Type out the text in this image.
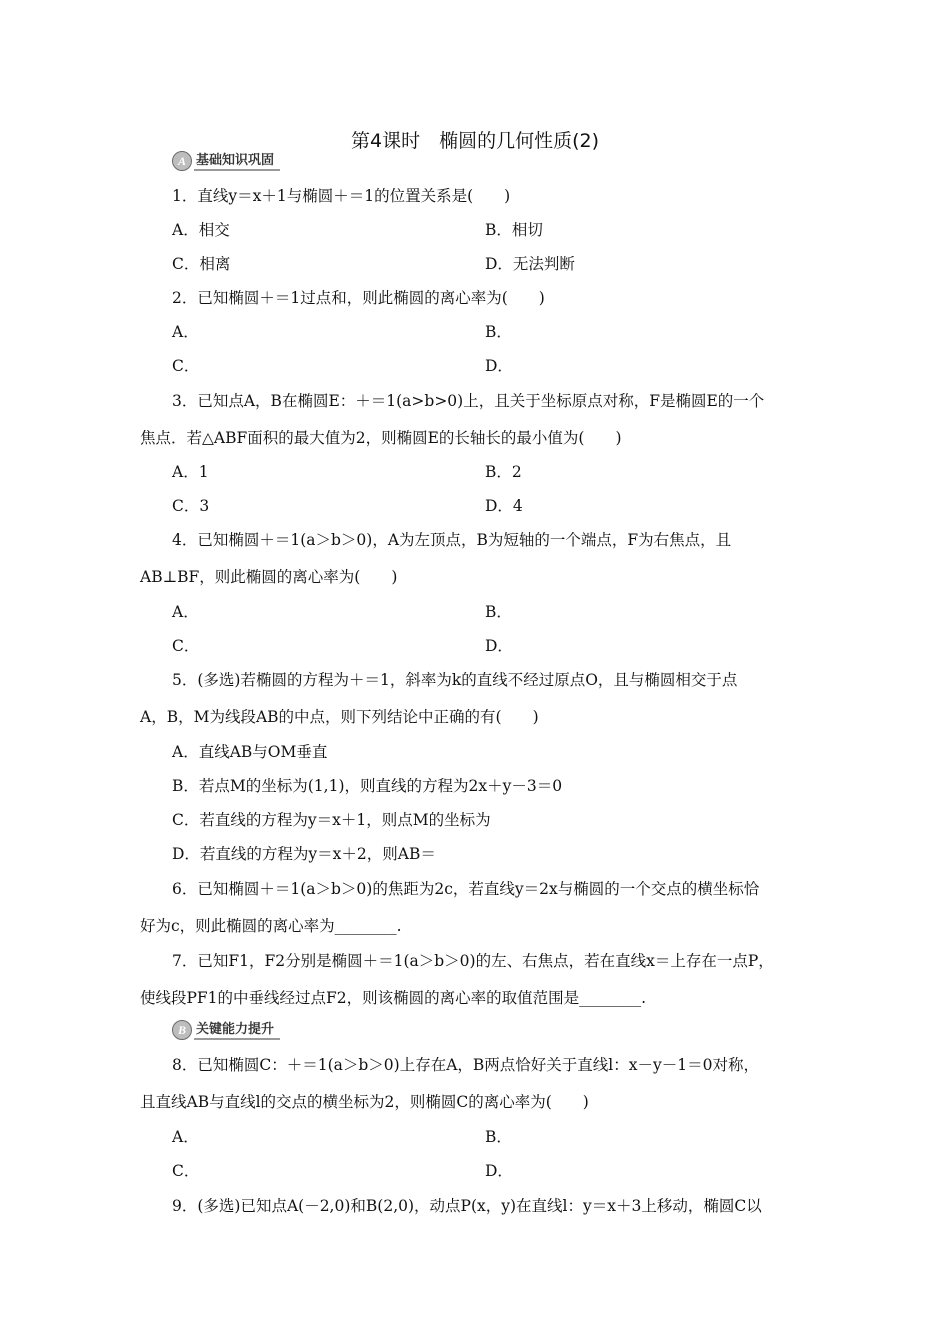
第4课时　椭圆的几何性质(2)
A 基础知识巩固
1．直线y＝x＋1与椭圆＋＝1的位置关系是(　　)
A．相交	B．相切
C．相离	D．无法判断
2．已知椭圆＋＝1过点和，则此椭圆的离心率为(　　)
A．	B．
C．	D．
3．已知点A，B在椭圆E：＋＝1(a>b>0)上，且关于坐标原点对称，F是椭圆E的一个
焦点．若△ABF面积的最大值为2，则椭圆E的长轴长的最小值为(　　)
A．1	B．2
C．3	D．4
4．已知椭圆＋＝1(a＞b＞0)，A为左顶点，B为短轴的一个端点，F为右焦点，且
AB⊥BF，则此椭圆的离心率为(　　)
A．	B．
C．	D．
5．(多选)若椭圆的方程为＋＝1，斜率为k的直线不经过原点O，且与椭圆相交于点
A，B，M为线段AB的中点，则下列结论中正确的有(　　)
A．直线AB与OM垂直
B．若点M的坐标为(1,1)，则直线的方程为2x＋y－3＝0
C．若直线的方程为y＝x＋1，则点M的坐标为
D．若直线的方程为y＝x＋2，则AB＝
6．已知椭圆＋＝1(a＞b＞0)的焦距为2c，若直线y＝2x与椭圆的一个交点的横坐标恰
好为c，则此椭圆的离心率为________.
7．已知F1，F2分别是椭圆＋＝1(a＞b＞0)的左、右焦点，若在直线x＝上存在一点P，
使线段PF1的中垂线经过点F2，则该椭圆的离心率的取值范围是________.
B 关键能力提升
8．已知椭圆C：＋＝1(a＞b＞0)上存在A，B两点恰好关于直线l：x－y－1＝0对称，
且直线AB与直线l的交点的横坐标为2，则椭圆C的离心率为(　　)
A．	B．
C．	D．
9．(多选)已知点A(－2,0)和B(2,0)，动点P(x，y)在直线l：y＝x＋3上移动，椭圆C以
